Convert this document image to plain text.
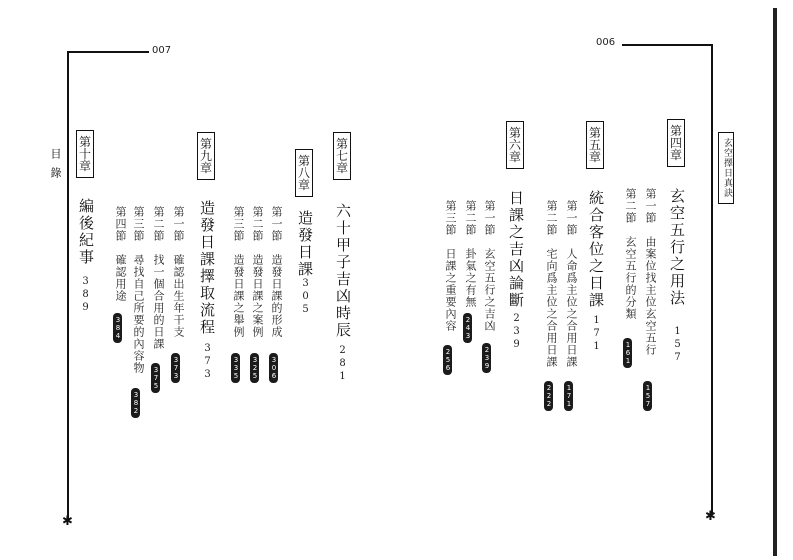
007
✱
目錄
第
七
章
六十甲子吉凶時辰
281
第
八
章
造發日課
305
第一節　造發日課的形成
306
第二節　造發日課之案例
325
第三節　造發日課之舉例
335
第
九
章
造發日課擇取流程
373
第一節　確認出生年干支
373
第二節　找一個合用的日課
375
第三節　尋找自己所要的內容物
382
第
十
章
編後紀事
389 第四節　確認用途
384
006
✱
玄空擇日真訣
第
四
章
玄空五行之用法
157
第一節　由案位找主位玄空五行
157
第二節　玄空五行的分類
161
第
五
章
統合客位之日課
171
第一節　人命爲主位之合用日課
171
第二節　宅向爲主位之合用日課
222
第
六
章
日課之吉凶論斷
239
第一節　玄空五行之吉凶
239
第二節　卦氣之有無
243
第三節　日課之重要內容
256
